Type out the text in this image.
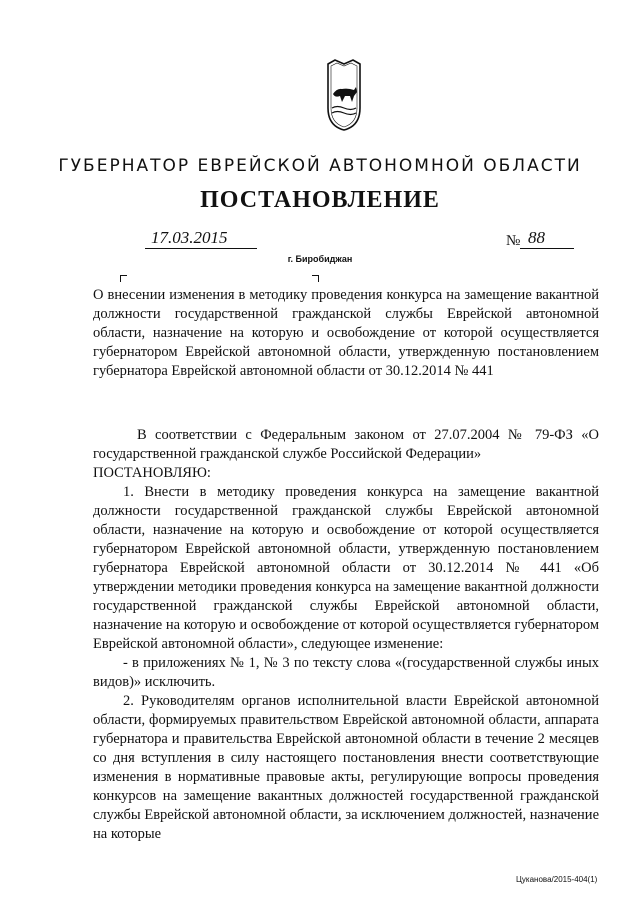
ГУБЕРНАТОР ЕВРЕЙСКОЙ АВТОНОМНОЙ ОБЛАСТИ
ПОСТАНОВЛЕНИЕ
17.03.2015	№ 88
г. Биробиджан
О внесении изменения в методику проведения конкурса на замещение вакантной должности государственной гражданской службы Еврейской автономной области, назначение на которую и освобождение от которой осуществляется губернатором Еврейской автономной области, утвержденную постановлением губернатора Еврейской автономной области от 30.12.2014 № 441

В соответствии с Федеральным законом от 27.07.2004 № 79-ФЗ «О государственной гражданской службе Российской Федерации»

ПОСТАНОВЛЯЮ:

1. Внести в методику проведения конкурса на замещение вакантной должности государственной гражданской службы Еврейской автономной области, назначение на которую и освобождение от которой осуществляется губернатором Еврейской автономной области, утвержденную постановлением губернатора Еврейской автономной области от 30.12.2014 № 441 «Об утверждении методики проведения конкурса на замещение вакантной должности государственной гражданской службы Еврейской автономной области, назначение на которую и освобождение от которой осуществляется губернатором Еврейской автономной области», следующее изменение:

- в приложениях № 1, № 3 по тексту слова «(государственной службы иных видов)» исключить.

2. Руководителям органов исполнительной власти Еврейской автономной области, формируемых правительством Еврейской автономной области, аппарата губернатора и правительства Еврейской автономной области в течение 2 месяцев со дня вступления в силу настоящего постановления внести соответствующие изменения в нормативные правовые акты, регулирующие вопросы проведения конкурсов на замещение вакантных должностей государственной гражданской службы Еврейской автономной области, за исключением должностей, назначение на которые

Цуканова/2015-404(1)
